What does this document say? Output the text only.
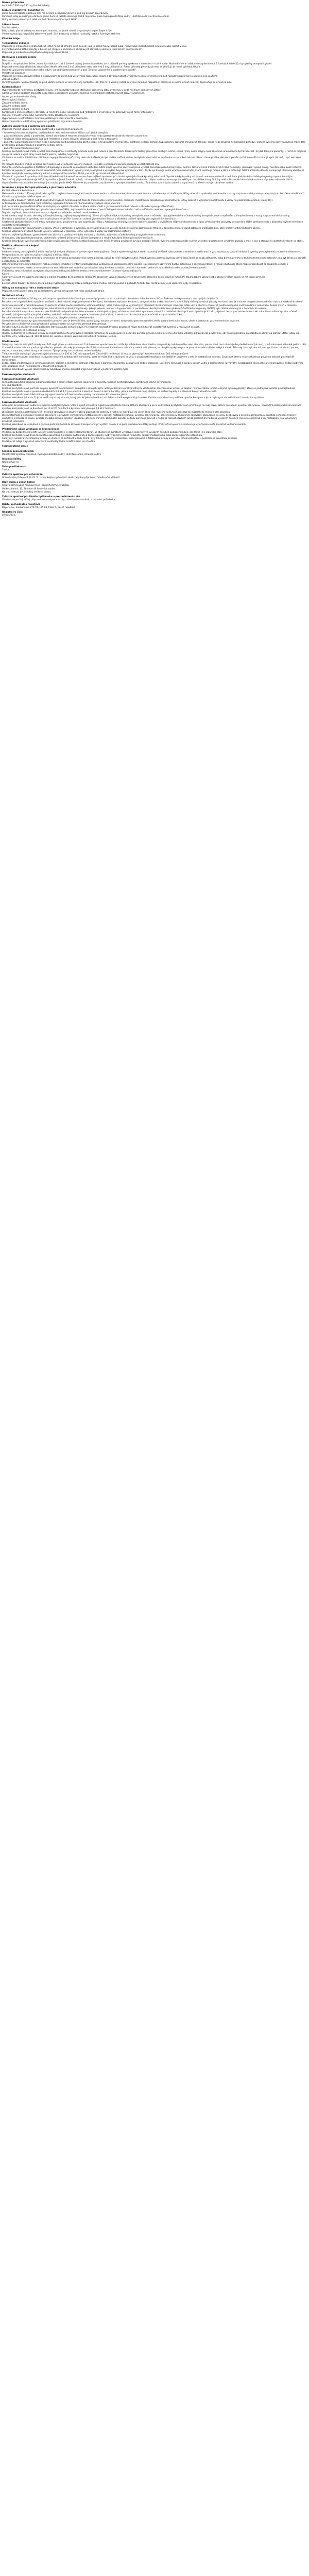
Název přípravku
Aspirin® C 400 mg/240 mg šumivé tablety
Složení kvalitativní i kvantitativní
Jedna šumivá tableta obsahuje 400 mg acidum acetylsalicylicum a 240 mg acidum ascorbicum.
Pomocné látky se známým účinkem: jedna šumivá tableta obsahuje 466,4 mg sodíku (jako hydrogenuhličitan sodný, uhličitan sodný a citronan sodný).
Úplný seznam pomocných látek viz bod "Seznam pomocných látek".
Léková forma
Šumivá tableta.
Bílé, kulaté, ploché tablety se zkosenými hranami, na jedné straně s vyraženým logem Bayer kříže.
Vzhled roztoku po rozpuštění tablety ve vodě: čirý, bezbarvý až lehce nažloutlý roztok s šumivým efektem.
Klinické údaje
Terapeutické indikace
Přípravek je indikován k symptomatické léčbě mírné až středně silné bolesti, jako je bolest hlavy, bolest zubů, menstruační bolest, bolest svalů a kloubů, bolest v krku.
K symptomatické léčbě horečky a bolesti při chřipce a nachlazení, chřipkových stavech a akutních respiračních onemocněních.
Přípravek je indikován u dospělých a dospívajících od 16 let.
Dávkování a způsob podání
Dávkování
Dospělí a dospívající od 16 let: jednotlivá dávka je 1 až 2 šumivé tablety. Jednotlivou dávku lze v případě potřeby opakovat v intervalech 4 až 8 hodin. Maximální denní dávka nemá přesáhnout 6 šumivých tablet (2,4 g kyseliny acetylsalicylové).
Přípravek nemá být užíván bez doporučení lékaře déle než 5 dnů při bolesti nebo déle než 3 dny při horečce. Pokud příznaky přetrvávají nebo se zhoršují, je nutné vyhledat lékaře.
Pacienti s poruchou funkce jater nebo ledvin: viz bod "Kontraindikace" a bod "Zvláštní upozornění a opatření pro použití".
Pediatrická populace
Přípravek se nemá podávat dětem a dospívajícím do 16 let bez výslovného doporučení lékaře z důvodu možného výskytu Reyova syndromu (viz bod "Zvláštní upozornění a opatření pro použití").
Způsob podání
Perorální podání. Šumivé tablety se před užitím rozpustí ve sklenici vody (přibližně 150–250 ml) a vzniklý roztok se vypije ihned po rozpuštění. Přípravek se nemá užívat nalačno; doporučuje se užívat po jídle.
Kontraindikace
Hypersenzitivita na kyselinu acetylsalicylovou, jiné salicyláty nebo na kteroukoli pomocnou látku uvedenou v bodě "Seznam pomocných látek".
Astma vyvolané podáním salicylátů nebo látek s podobným účinkem, zejména nesteroidních protizánětlivých léčiv, v anamnéze.
Akutní gastrointestinální vředy.
Hemoragická diatéza.
Závažné selhání ledvin.
Závažné selhání jater.
Závažné srdeční selhání.
Kombinace s metotrexátem v dávkách 15 mg týdně nebo vyšších (viz bod "Interakce s jinými léčivými přípravky a jiné formy interakce").
Poslední trimestr těhotenství (viz bod "Fertilita, těhotenství a kojení").
Hyperoxalurie a nefrolitiáza s tvorbou oxalátových konkrementů v anamnéze.
Hemochromatóza a další stavy spojené s přetížením organismu železem.
Zvláštní upozornění a opatření pro použití
Přípravek má být užíván se zvláštní opatrností v následujících případech:
– hypersenzitivita na analgetika, protizánětlivá nebo antirevmatická léčiva a při jiných alergiích;
– gastrointestinální vředy v anamnéze, včetně chronických nebo recidivujících vředů, nebo gastrointestinální krvácení v anamnéze;
– současná léčba antikoagulancii (viz bod "Interakce s jinými léčivými přípravky a jiné formy interakce");
– pacienti s poruchou funkce ledvin nebo s poruchou kardiovaskulárního oběhu (např. renovaskulární onemocnění, městnavé srdeční selhání, hypovolemie, rozsáhlé chirurgické zákroky, sepse nebo závažné hemoragické příhody), protože kyselina acetylsalicylová může dále zvýšit riziko poškození ledvin a akutního selhání ledvin;
– pacienti s poruchou funkce jater.
Kyselina acetylsalicylová může vyvolat bronchospasmus a záchvaty astmatu nebo jiné reakce z přecitlivělosti. Rizikovými faktory jsou dříve existující astma, senná rýma, nosní polypy nebo chronické onemocnění dýchacích cest. To platí také pro pacienty, u nichž se projevují alergické reakce na jiné látky (např. kožní reakce, svědění, kopřivka).
Vzhledem ke svému inhibičnímu účinku na agregaci trombocytů, který přetrvává několik dní po podání, může kyselina acetylsalicylová vést ke zvýšenému sklonu ke krvácení během chirurgického zákroku a po něm (včetně menších chirurgických zákroků, např. extrakce zubů).
Při nízkých dávkách snižuje kyselina acetylsalicylová vylučování kyseliny močové. To může u predisponovaných pacientů vyvolat záchvat dny.
Pacienti s deficitem glukóza-6-fosfátdehydrogenázy: u pacientů se závažným deficitem G6PD může kyselina acetylsalicylová vyvolat hemolýzu nebo hemolytickou anémii. Faktory, které mohou zvýšit riziko hemolýzy, jsou např. vysoké dávky, horečka nebo akutní infekce.
Pediatrická populace: existuje možná souvislost mezi podáváním kyseliny acetylsalicylové a výskytem Reyova syndromu u dětí. Reyův syndrom je velmi vzácné onemocnění, které postihuje mozek a játra a může být fatální. Z tohoto důvodu nemají být přípravky obsahující kyselinu acetylsalicylovou podávány dětem a dospívajícím mladším 16 let, pokud to výslovně neindikuje lékař.
Vitamin C: u pacientů s predispozicí k tvorbě ledvinových kamenů se doporučuje zvýšená opatrnost při užívání vysokých dávek kyseliny askorbové. Vysoké dávky kyseliny askorbové mohou u pacientů s deficitem glukóza-6-fosfátdehydrogenázy vyvolat hemolýzu.
Tento léčivý přípravek obsahuje 466,4 mg sodíku v jedné šumivé tabletě, což odpovídá 23,3 % doporučeného maximálního denního příjmu sodíku potravou podle WHO pro dospělého, který činí 2 g sodíku. Maximální denní dávka tohoto přípravku odpovídá 140 % doporučeného maximálního denního příjmu sodíku podle WHO. Přípravek je považován za přípravek s vysokým obsahem sodíku. To je třeba vzít v úvahu zejména u pacientů na dietě s nízkým obsahem sodíku.
Interakce s jinými léčivými přípravky a jiné formy interakce
Kontraindikované kombinace
Metotrexát v dávkách 15 mg týdně nebo vyšších: zvýšená hematologická toxicita metotrexátu (snížená renální clearance metotrexátu způsobená protizánětlivými léčivy obecně a vytěsnění metotrexátu z vazby na plazmatické proteiny salicyláty) (viz bod "Kontraindikace").
Kombinace vyžadující zvláštní opatrnost
Metotrexát v dávkách nižších než 15 mg týdně: zvýšená hematologická toxicita metotrexátu (snížená renální clearance metotrexátu způsobená protizánětlivými léčivy obecně a vytěsnění metotrexátu z vazby na plazmatické proteiny salicyláty).
Antikoagulancia, trombolytika / jiné inhibitory agregace trombocytů / hemostatika: zvýšené riziko krvácení.
Jiná nesteroidní protizánětlivá léčiva se salicyláty ve vyšších dávkách: zvýšené riziko vředů a gastrointestinálního krvácení v důsledku synergického účinku.
Selektivní inhibitory zpětného vychytávání serotoninu (SSRI): zvýšené riziko krvácení z horní části gastrointestinálního traktu v důsledku možného synergického účinku.
Digoxin: zvýšená plazmatická koncentrace digoxinu v důsledku snížené renální exkrece.
Antidiabetika, např. inzulin, deriváty sulfonylmočoviny: zvýšený hypoglykemický účinek při vyšších dávkách kyseliny acetylsalicylové v důsledku hypoglykemického účinku kyseliny acetylsalicylové a vytěsnění sulfonylmočoviny z vazby na plazmatické proteiny.
Diuretika v kombinaci s kyselinou acetylsalicylovou ve vyšších dávkách: snížená glomerulární filtrace v důsledku snížené syntézy prostaglandinů v ledvinách.
Systémové glukokortikoidy, s výjimkou hydrokortizonu používaného jako substituční léčba u Addisonovy choroby: snížené hladiny salicylátů v krvi během léčby kortikosteroidy a riziko předávkování salicyláty po ukončení léčby kortikosteroidy v důsledku zvýšené eliminace salicylátů kortikosteroidy.
Inhibitory angiotenzin konvertujícího enzymu (ACE) v kombinaci s kyselinou acetylsalicylovou ve vyšších dávkách: snížená glomerulární filtrace v důsledku inhibice vazodilatačních prostaglandinů. Dále snížený antihypertenzní účinek.
Kyselina valproová: zvýšená toxicita kyseliny valproové v důsledku jejího vytěsnění z vazby na plazmatické proteiny.
Alkohol: zvýšené poškození gastrointestinální sliznice a prodloužení doby krvácení v důsledku aditivního účinku kyseliny acetylsalicylové a alkoholu.
Urikosurika, jako jsou benzbromaron, probenecid: snížený urikosurický účinek (kompetice o renální tubulární eliminaci kyseliny močové).
Kyselina askorbová: kyselina askorbová může zvýšit absorpci hliníku z antacid obsahujících hliník; kyselina askorbová zvyšuje absorpci železa. Kyselina askorbová může ovlivnit výsledky laboratorních vyšetření glukózy v moči a krvi a stanovení okultního krvácení ve stolici.
Fertilita, těhotenství a kojení
Těhotenství
Inhibice syntézy prostaglandinů může nepříznivě ovlivnit těhotenství a/nebo vývoj embrya/plodu. Data z epidemiologických studií naznačují zvýšené riziko potratu a srdečních malformací a gastroschízy po užívání inhibitorů syntézy prostaglandinů v časném těhotenství. Předpokládá se, že riziko se zvyšuje s dávkou a délkou léčby.
Během prvního a druhého trimestru těhotenství se kyselina acetylsalicylová nemá podávat, pokud to není nezbytně nutné. Pokud kyselinu acetylsalicylovou užívá žena, která se snaží otěhotnět, nebo během prvního a druhého trimestru těhotenství, má být dávka co nejnižší a doba léčby co nejkratší.
Během třetího trimestru těhotenství mohou všechny inhibitory syntézy prostaglandinů vystavit plod kardiopulmonální toxicitě (s předčasným uzavřením ductus arteriosus a plicní hypertenzí) a renální dysfunkci, která může progredovat do renálního selhání s oligohydramnionem; matku a novorozence na konci těhotenství možnému prodloužení doby krvácení a inhibici děložních kontrakcí vedoucí k opožděnému nebo prodlouženému porodu.
V důsledku toho je kyselina acetylsalicylová kontraindikována během třetího trimestru těhotenství (viz bod "Kontraindikace").
Kojení
Salicyláty a jejich metabolity přecházejí v malém množství do mateřského mléka. Při občasném užívání doporučených dávek není přerušení kojení obvykle nutné. Při dlouhodobém užívání nebo užívání vyšších dávek se má kojení přerušit.
Fertilita
Existují určité důkazy, že léčiva, která inhibují cyklooxygenázu/syntézu prostaglandinů, mohou ovlivnit ovulaci a poškodit fertilitu žen. Tento účinek je po ukončení léčby reverzibilní.
Účinky na schopnost řídit a obsluhovat stroje
Přípravek nemá žádný nebo má zanedbatelný vliv na schopnost řídit nebo obsluhovat stroje.
Nežádoucí účinky
Níže uvedené nežádoucí účinky jsou založeny na spontánních hlášeních po uvedení přípravku na trh a zahrnují krátkodobou i dlouhodobou léčbu. Frekvenci výskytu nelze z dostupných údajů určit.
Poruchy krve a lymfatického systému: zvýšené riziko krvácení, např. perioperační krvácení, hematomy, epistaxe, krvácení z urogenitálního traktu, krvácení z dásní. Byly hlášeny závažné případy krvácení, jako je krvácení do gastrointestinálního traktu a mozkové krvácení (zvláště u pacientů s nekontrolovanou hypertenzí a/nebo současnou léčbou antihemostatiky), které mohou být ve výjimečných případech život ohrožující. Krvácení může vést k akutní a chronické posthemoragické anémii/anémii z nedostatku železa (např. v důsledku okultního mikrokrvácení) s odpovídajícími laboratorními a klinickými příznaky, jako je astenie, bledost a hypoperfuze. U pacientů se závažným deficitem glukóza-6-fosfátdehydrogenázy (G6PD) byla hlášena hemolýza a hemolytická anémie.
Poruchy imunitního systému: reakce z přecitlivělosti s odpovídajícími laboratorními a klinickými projevy, včetně astmatického syndromu, mírných až středně závažných reakcí postihujících kůži, dýchací cesty, gastrointestinální trakt a kardiovaskulární systém, včetně příznaků, jako jsou vyrážka, kopřivka, edém, svědění, rinitida, nosní kongesce, kardiorespirační tíseň, a velmi vzácně závažné reakce včetně anafylaktického šoku.
Poruchy nervového systému: závratě a tinitus jsou obvykle známkou předávkování.
Gastrointestinální poruchy: gastrointestinální poruchy, jako je bolest břicha, pálení žáhy, nauzea, zvracení, dyspepsie; gastrointestinální zánět, gastrointestinální eroze, vředy a perforace; gastrointestinální krvácení.
Poruchy jater a žlučových cest: přechodné poškození jater se zvýšením jaterních transamináz.
Poruchy ledvin a močových cest: poškození ledvin a akutní selhání ledvin. Při vysokých dávkách kyseliny askorbové může dojít k tvorbě oxalátových kamenů v močových cestách.
Hlášení podezření na nežádoucí účinky
Hlášení podezření na nežádoucí účinky po registraci léčivého přípravku je důležité. Umožňuje to pokračovat ve sledování poměru přínosů a rizik léčivého přípravku. Žádáme zdravotnické pracovníky, aby hlásili podezření na nežádoucí účinky na adresu: Státní ústav pro kontrolu léčiv, Šrobárova 48, 100 41 Praha 10, webové stránky: www.sukl.cz/nahlasit-nezadouci-ucinek.
Předávkování
Salicyláty: toxicita salicylátů (dávky nad 100 mg/kg/den po dobu více než 2 dnů mohou vyvolat toxicitu) může být důsledkem chronického, terapeuticky indukovaného nebo akutního, potenciálně život ohrožujícího předávkování (otrava), které zahrnuje i náhodné požití u dětí.
Chronická otrava salicyláty může být zákeřná, protože příznaky jsou nespecifické. Mírná chronická intoxikace salicyláty, neboli salicylismus, se obvykle vyskytuje pouze po opakovaném užívání velkých dávek. Příznaky zahrnují závratě, vertigo, tinitus, hluchotu, pocení, nauzeu a zvracení, bolest hlavy a zmatenost. Tyto příznaky lze zvládnout snížením dávky.
Tinitus se může objevit při plazmatických koncentracích 150 až 300 mikrogramů/ml. Závažnější nežádoucí účinky se objevují při koncentracích nad 300 mikrogramů/ml.
Hlavním znakem akutní intoxikace je závažné narušení acidobazické rovnováhy, které se může lišit v závislosti na věku a závažnosti intoxikace; nejčastějším projevem u dětí je metabolická acidóza. Závažnost otravy nelze odhadnout pouze na základě plazmatické koncentrace.
Léčba: léčba předávkování je určena rozsahem, stádiem a klinickými příznaky intoxikace a zahrnuje standardní postupy pro snížení absorpce, urychlení eliminace a úpravu poruch vodní a elektrolytové rovnováhy, acidobazické rovnováhy a termoregulace. Podání aktivního uhlí, alkalizace moči, hemodialýza v závažných případech.
Kyselina askorbová: vysoké dávky kyseliny askorbové mohou způsobit průjem a zvýšené vylučování oxalátů močí.
Farmakologické vlastnosti
Farmakodynamické vlastnosti
Farmakoterapeutická skupina: ostatní analgetika a antipyretika; kyselina salicylová a deriváty, kyselina acetylsalicylová, kombinace kromě psycholeptik.
ATC kód: N02BA51
Kyselina acetylsalicylová patří do skupiny kyselých nesteroidních analgetik s analgetickými, antipyretickými a protizánětlivými vlastnostmi. Mechanismus účinku je založen na ireverzibilní inhibici enzymů cyklooxygenázy, které se podílejí na syntéze prostaglandinů.
Kyselina acetylsalicylová v perorálních dávkách 0,3 až 1,0 g se používá k úlevě od bolesti a mírné horečky, jako je nachlazení nebo chřipka, ke snížení teploty a k úlevě od bolesti kloubů a svalů.
Kyselina acetylsalicylová také inhibuje agregaci trombocytů blokováním syntézy tromboxanu A2 v trombocytech.
Kyselina askorbová (vitamin C) je ve vodě rozpustný vitamin, který působí jako antioxidant a kofaktor v řadě enzymatických reakcí. Kyselina askorbová se podílí na syntéze kolagenu a je nezbytná pro normální funkci imunitního systému.
Farmakokinetické vlastnosti
Absorpce: po perorálním podání se kyselina acetylsalicylová rychle a úplně vstřebává z gastrointestinálního traktu. Během absorpce a po ní se kyselina acetylsalicylová přeměňuje na svůj hlavní aktivní metabolit, kyselinu salicylovou. Maximální plazmatické koncentrace kyseliny acetylsalicylové je dosaženo po 10 až 20 minutách a kyseliny salicylové po 0,3 až 2 hodinách.
Distribuce: kyselina acetylsalicylová i kyselina salicylová se značně váží na plazmatické proteiny a rychle se distribuují do všech částí těla. Kyselina salicylová přechází do mateřského mléka a přes placentu.
Biotransformace a eliminace: kyselina salicylová je převážně eliminována metabolismem v játrech; metabolity zahrnují kyselinu salicylurovou, salicylfenolový glukuronid, salicylacyl glukuronid, kyselinu gentisovou a kyselinu gentisurovou. Kinetika eliminace kyseliny salicylové je závislá na dávce, protože metabolismus je omezen kapacitou jaterních enzymů. Eliminační poločas se tedy pohybuje od 2 až 3 hodin po nízkých dávkách až do přibližně 15 hodin po vysokých dávkách. Kyselina salicylová a její metabolity jsou vylučovány převážně ledvinami.
Kyselina askorbová se vstřebává z gastrointestinálního traktu aktivním transportem; při vyšších dávkách se podíl absorbované látky snižuje. Přebytečná kyselina askorbová je vylučována močí, částečně ve formě oxalátů.
Předklinické údaje vztahující se k bezpečnosti
Předklinický bezpečnostní profil kyseliny acetylsalicylové je dobře zdokumentován. Ve studiích na zvířatech vyvolávaly salicyláty ve vysokých dávkách poškození ledvin, ale žádné jiné organické léze.
Kyselina acetylsalicylová byla dostatečně zkoumána z hlediska mutagenity a kancerogenity; nebyly zjištěny žádné relevantní důkazy mutagenního nebo kancerogenního potenciálu.
Salicyláty vykazovaly teratogenní účinky ve studiích na zvířatech u řady druhů. Byly hlášeny poruchy implantace, embryotoxické a fetotoxické účinky a poruchy schopnosti učení u potomků po prenatální expozici.
Předklinické údaje o kyselině askorbové neodhalily žádné zvláštní riziko pro člověka.
Farmaceutické údaje
Seznam pomocných látek
Monohydrát kyseliny citronové, hydrogenuhličitan sodný, uhličitan sodný, citronan sodný.
Inkompatibility
Neuplatňuje se.
Doba použitelnosti
3 roky.
Zvláštní opatření pro uchovávání
Uchovávejte při teplotě do 25 °C. Uchovávejte v původním obalu, aby byl přípravek chráněn před vlhkostí.
Druh obalu a obsah balení
Stripy z laminované hliníkové fólie (papír/PE/Al/PE), krabička.
Velikost balení: 10, 20 nebo 40 šumivých tablet.
Na trhu nemusí být všechny velikosti balení.
Zvláštní opatření pro likvidaci přípravku a pro zacházení s ním
Všechen nepoužitý léčivý přípravek nebo odpad musí být zlikvidován v souladu s místními požadavky.
Držitel rozhodnutí o registraci
Bayer s.r.o., Siemensova 2717/4, 155 00 Praha 5, Česká republika
Registrační číslo
07/215/98-C
